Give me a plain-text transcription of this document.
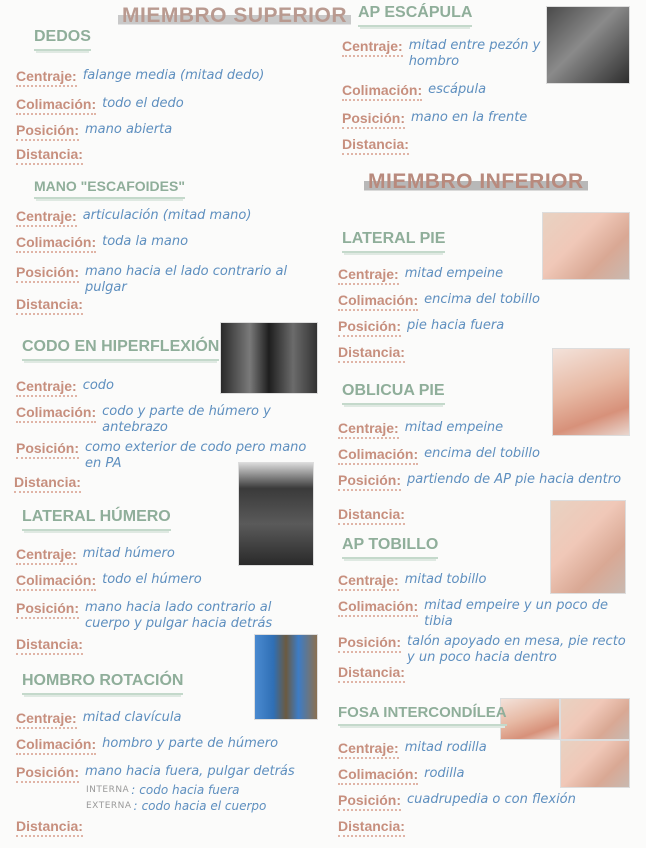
MIEMBRO SUPERIOR
DEDOS
Centraje: falange media (mitad dedo)
Colimación: todo el dedo
Posición: mano abierta
Distancia:
MANO "ESCAFOIDES"
Centraje: articulación (mitad mano)
Colimación: toda la mano
Posición: mano hacia el lado contrario al pulgar
Distancia:
CODO EN HIPERFLEXIÓN
Centraje: codo
Colimación: codo y parte de húmero y antebrazo
Posición: como exterior de codo pero mano en PA
Distancia:
LATERAL HÚMERO
Centraje: mitad húmero
Colimación: todo el húmero
Posición: mano hacia lado contrario al cuerpo y pulgar hacia detrás
Distancia:
HOMBRO ROTACIÓN
Centraje: mitad clavícula
Colimación: hombro y parte de húmero
Posición: mano hacia fuera, pulgar detrás
INTERNA : codo hacia fuera
EXTERNA : codo hacia el cuerpo
Distancia:
AP ESCÁPULA
Centraje: mitad entre pezón y hombro
Colimación: escápula
Posición: mano en la frente
Distancia:
MIEMBRO INFERIOR
LATERAL PIE
Centraje: mitad empeine
Colimación: encima del tobillo
Posición: pie hacia fuera
Distancia:
OBLICUA PIE
Centraje: mitad empeine
Colimación: encima del tobillo
Posición: partiendo de AP pie hacia dentro
Distancia:
AP TOBILLO
Centraje: mitad tobillo
Colimación: mitad empeire y un poco de tibia
Posición: talón apoyado en mesa, pie recto y un poco hacia dentro
Distancia:
FOSA INTERCONDÍLEA
Centraje: mitad rodilla
Colimación: rodilla
Posición: cuadrupedia o con flexión
Distancia:
